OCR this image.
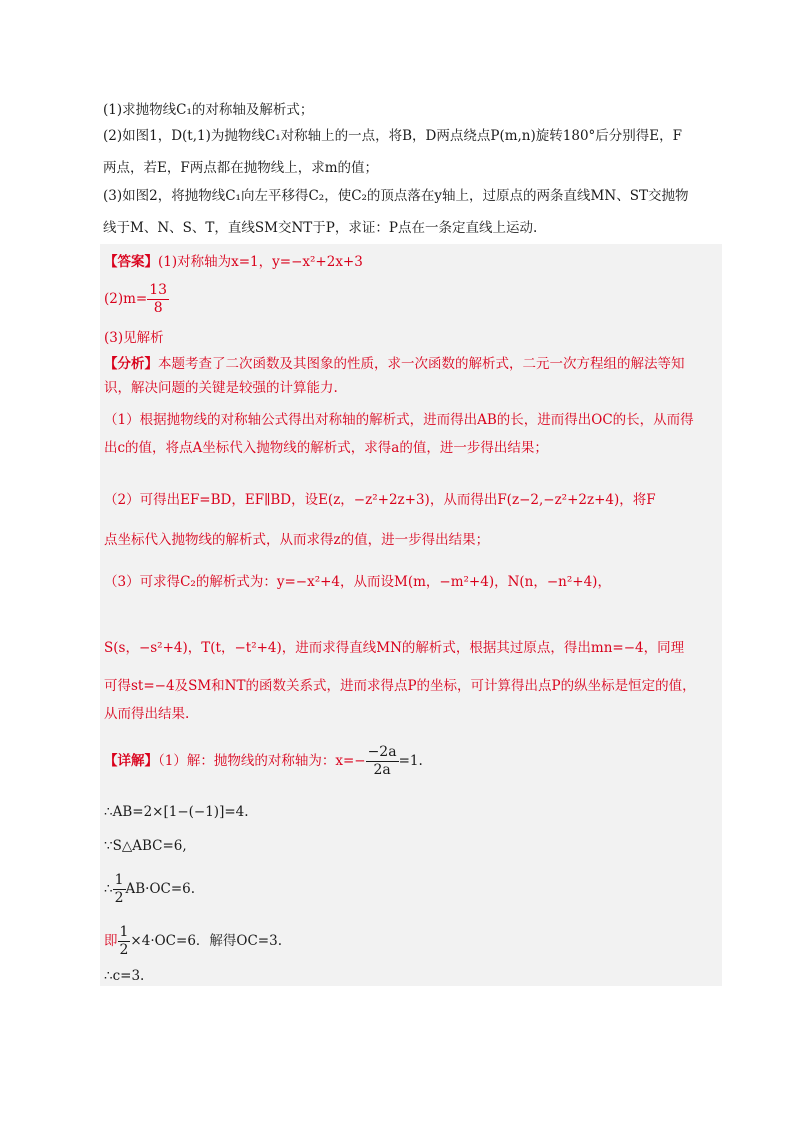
(1)求抛物线C₁的对称轴及解析式；
(2)如图1，D(t,1)为抛物线C₁对称轴上的一点，将B，D两点绕点P(m,n)旋转180°后分别得E，F
两点，若E，F两点都在抛物线上，求m的值；
(3)如图2，将抛物线C₁向左平移得C₂，使C₂的顶点落在y轴上，过原点的两条直线MN、ST交抛物
线于M、N、S、T，直线SM交NT于P，求证：P点在一条定直线上运动.
【答案】(1)对称轴为x=1，y=−x²+2x+3
$(2)m= \frac{13}{8}$
(3)见解析
【分析】本题考查了二次函数及其图象的性质，求一次函数的解析式，二元一次方程组的解法等知
识，解决问题的关键是较强的计算能力.
（1）根据抛物线的对称轴公式得出对称轴的解析式，进而得出AB的长，进而得出OC的长，从而得
出c的值，将点A坐标代入抛物线的解析式，求得a的值，进一步得出结果；
（2）可得出EF=BD，EF∥BD，设E(z，−z²+2z+3)，从而得出F(z−2,−z²+2z+4)，将F
点坐标代入抛物线的解析式，从而求得z的值，进一步得出结果；
（3）可求得C₂的解析式为：y=−x²+4，从而设M(m，−m²+4)，N(n，−n²+4)，
S(s，−s²+4)，T(t，−t²+4)，进而求得直线MN的解析式，根据其过原点，得出mn=−4，同理
可得st=−4及SM和NT的函数关系式，进而求得点P的坐标，可计算得出点P的纵坐标是恒定的值，
从而得出结果.
【详解】（1）解：抛物线的对称轴为：$x=- \frac{-2a}{2a} =1$.
∴AB=2×[1−(−1)]=4.
∵S△ABC=6,
∴ $\frac{1}{2} AB\cdot OC=6$.
即 $\frac{1}{2} \times 4\cdot OC=6$．解得OC=3.
∴c=3.
